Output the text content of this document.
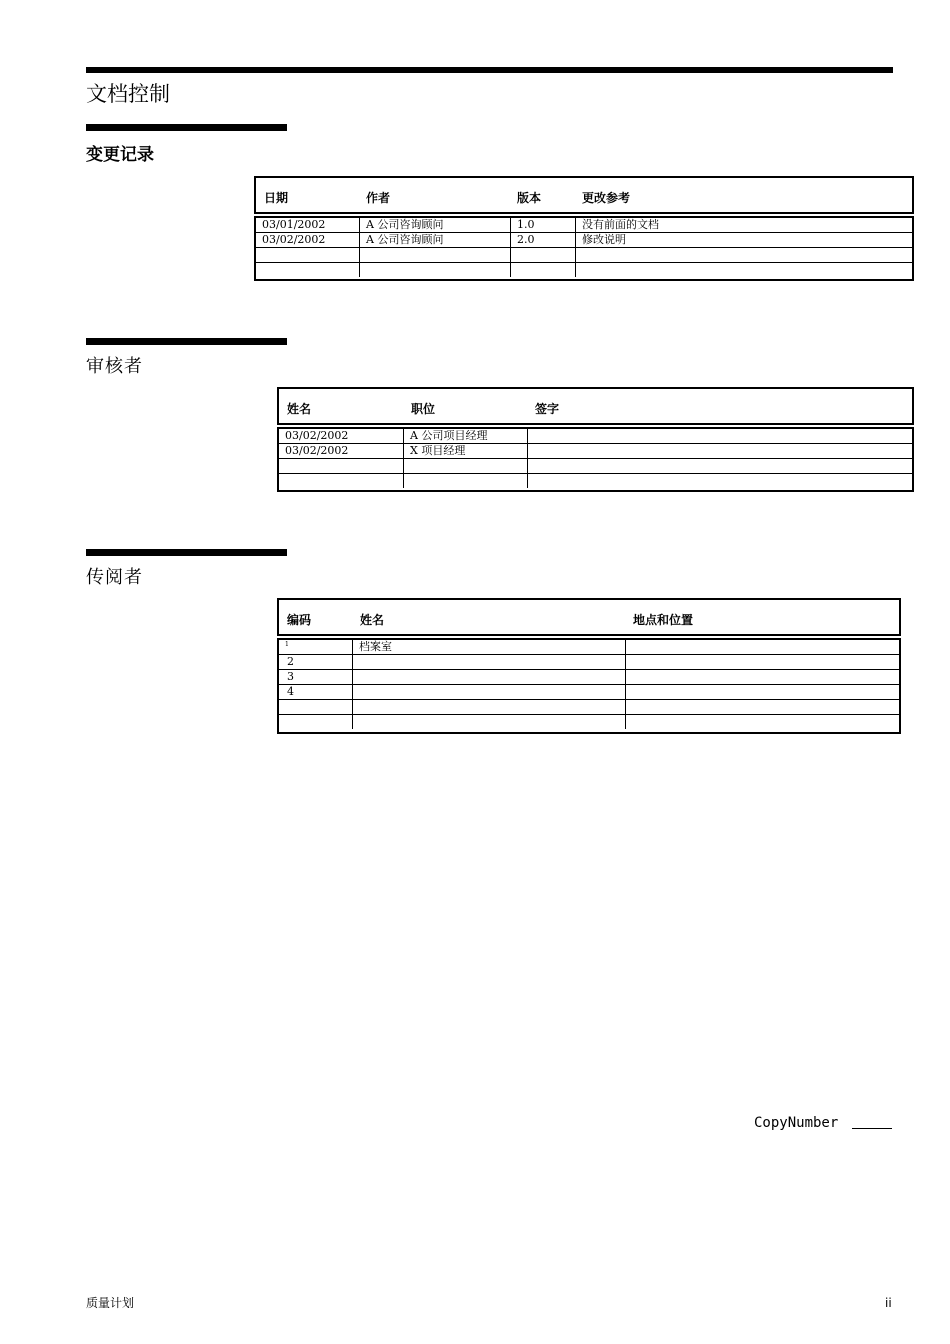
文档控制
变更记录
日期	作者	版本	更改参考
03/01/2002	A 公司咨询顾问	1.0	没有前面的文档
03/02/2002	A 公司咨询顾问	2.0	修改说明
审核者
姓名	职位	签字
03/02/2002	A 公司项目经理
03/02/2002	X 项目经理
传阅者
编码	姓名	地点和位置
1	档案室
2
3
4
CopyNumber
质量计划	ii
